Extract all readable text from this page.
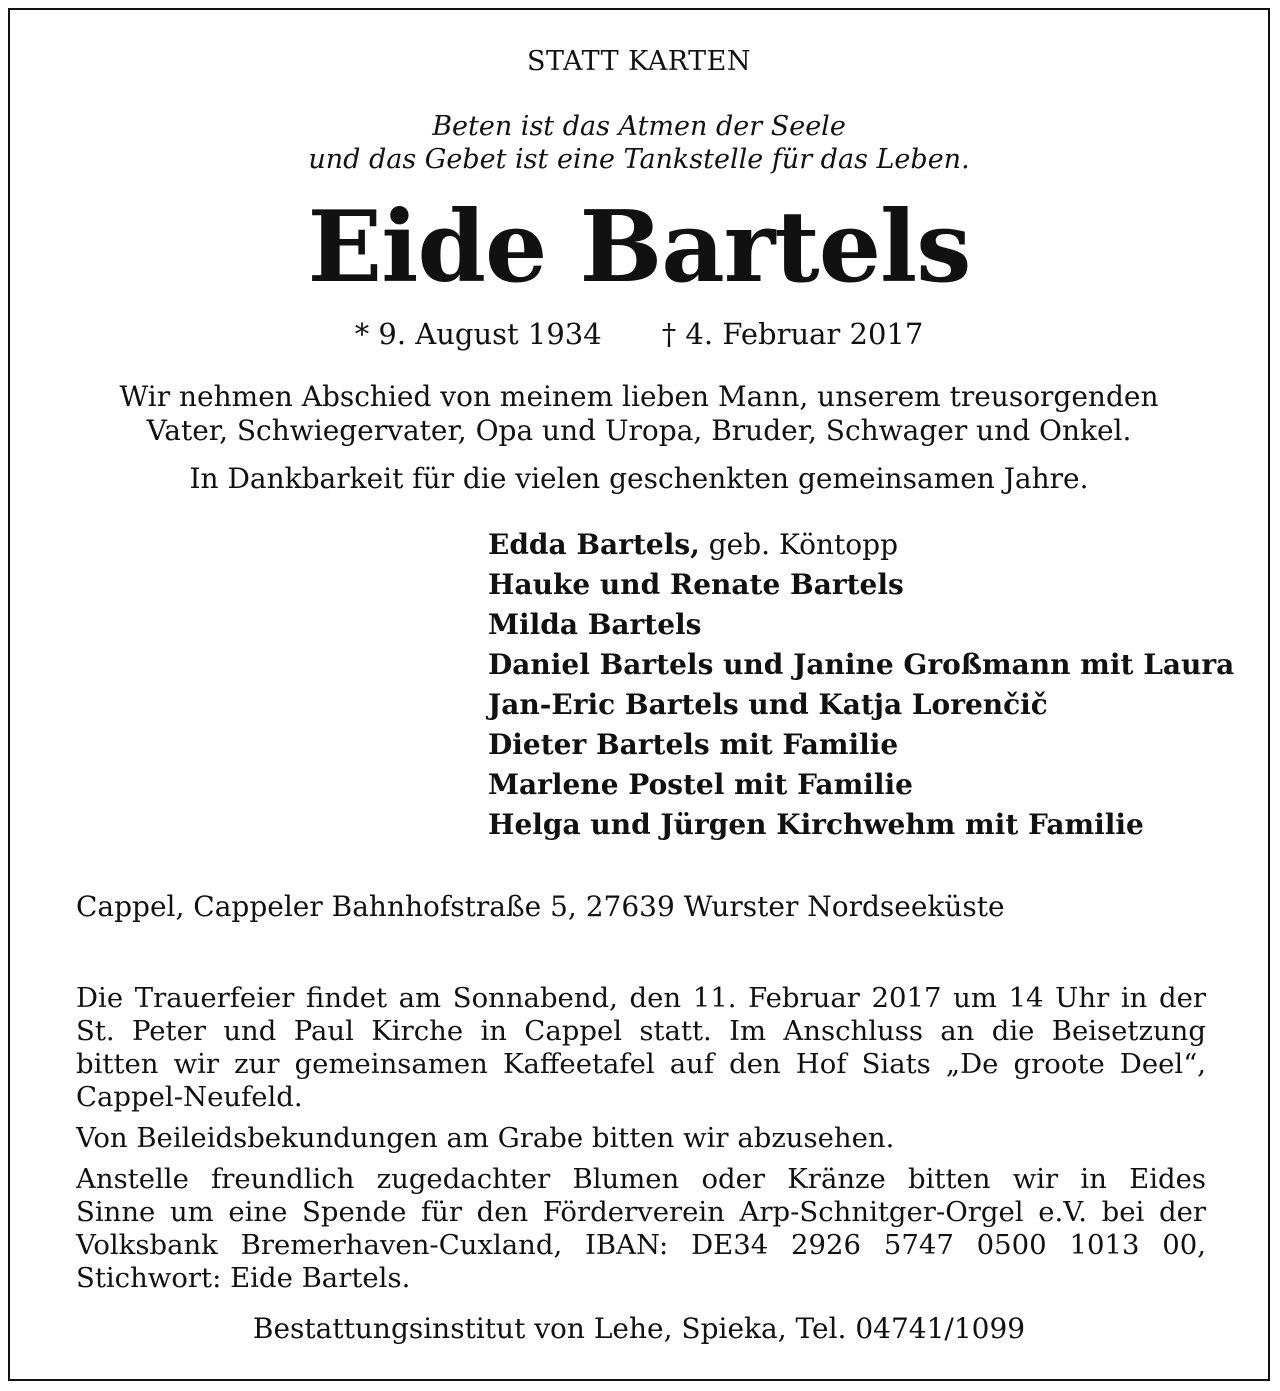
STATT KARTEN
Beten ist das Atmen der Seele
und das Gebet ist eine Tankstelle für das Leben.
Eide Bartels
* 9. August 1934 † 4. Februar 2017
Wir nehmen Abschied von meinem lieben Mann, unserem treusorgenden
Vater, Schwiegervater, Opa und Uropa, Bruder, Schwager und Onkel.
In Dankbarkeit für die vielen geschenkten gemeinsamen Jahre.
Edda Bartels, geb. Köntopp
Hauke und Renate Bartels
Milda Bartels
Daniel Bartels und Janine Großmann mit Laura
Jan-Eric Bartels und Katja Lorenčič
Dieter Bartels mit Familie
Marlene Postel mit Familie
Helga und Jürgen Kirchwehm mit Familie
Cappel, Cappeler Bahnhofstraße 5, 27639 Wurster Nordseeküste
Die Trauerfeier findet am Sonnabend, den 11. Februar 2017 um 14 Uhr in der
St. Peter und Paul Kirche in Cappel statt. Im Anschluss an die Beisetzung
bitten wir zur gemeinsamen Kaffeetafel auf den Hof Siats „De groote Deel“,
Cappel-Neufeld.
Von Beileidsbekundungen am Grabe bitten wir abzusehen.
Anstelle freundlich zugedachter Blumen oder Kränze bitten wir in Eides
Sinne um eine Spende für den Förderverein Arp-Schnitger-Orgel e.V. bei der
Volksbank Bremerhaven-Cuxland, IBAN: DE34 2926 5747 0500 1013 00,
Stichwort: Eide Bartels.
Bestattungsinstitut von Lehe, Spieka, Tel. 04741/1099
